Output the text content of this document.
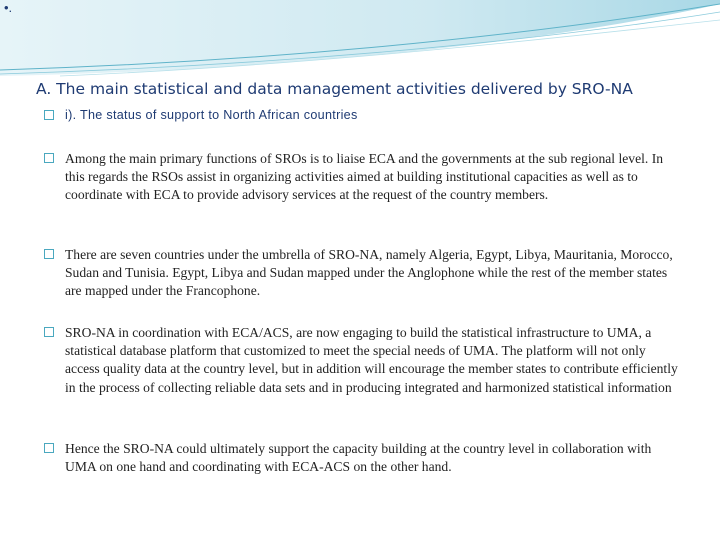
•.
A. The main statistical and data management activities delivered by SRO-NA
i). The status of support to North African countries
Among the main primary functions of SROs is to liaise ECA and the governments at the sub regional level. In this regards the RSOs assist in organizing activities aimed at building institutional capacities as well as to coordinate with ECA to provide advisory services at the request of the country members.
There are seven countries under the umbrella of SRO-NA, namely Algeria, Egypt, Libya, Mauritania, Morocco, Sudan and Tunisia. Egypt, Libya and Sudan mapped under the Anglophone while the rest of the member states are mapped under the Francophone.
SRO-NA in coordination with ECA/ACS, are now engaging to build the statistical infrastructure to UMA, a statistical database platform that customized to meet the special needs of UMA. The platform will not only access quality data at the country level, but in addition will encourage the member states to contribute efficiently in the process of collecting reliable data sets and in producing integrated and harmonized statistical information
Hence the SRO-NA could ultimately support the capacity building at the country level in collaboration with UMA on one hand and coordinating with ECA-ACS on the other hand.
